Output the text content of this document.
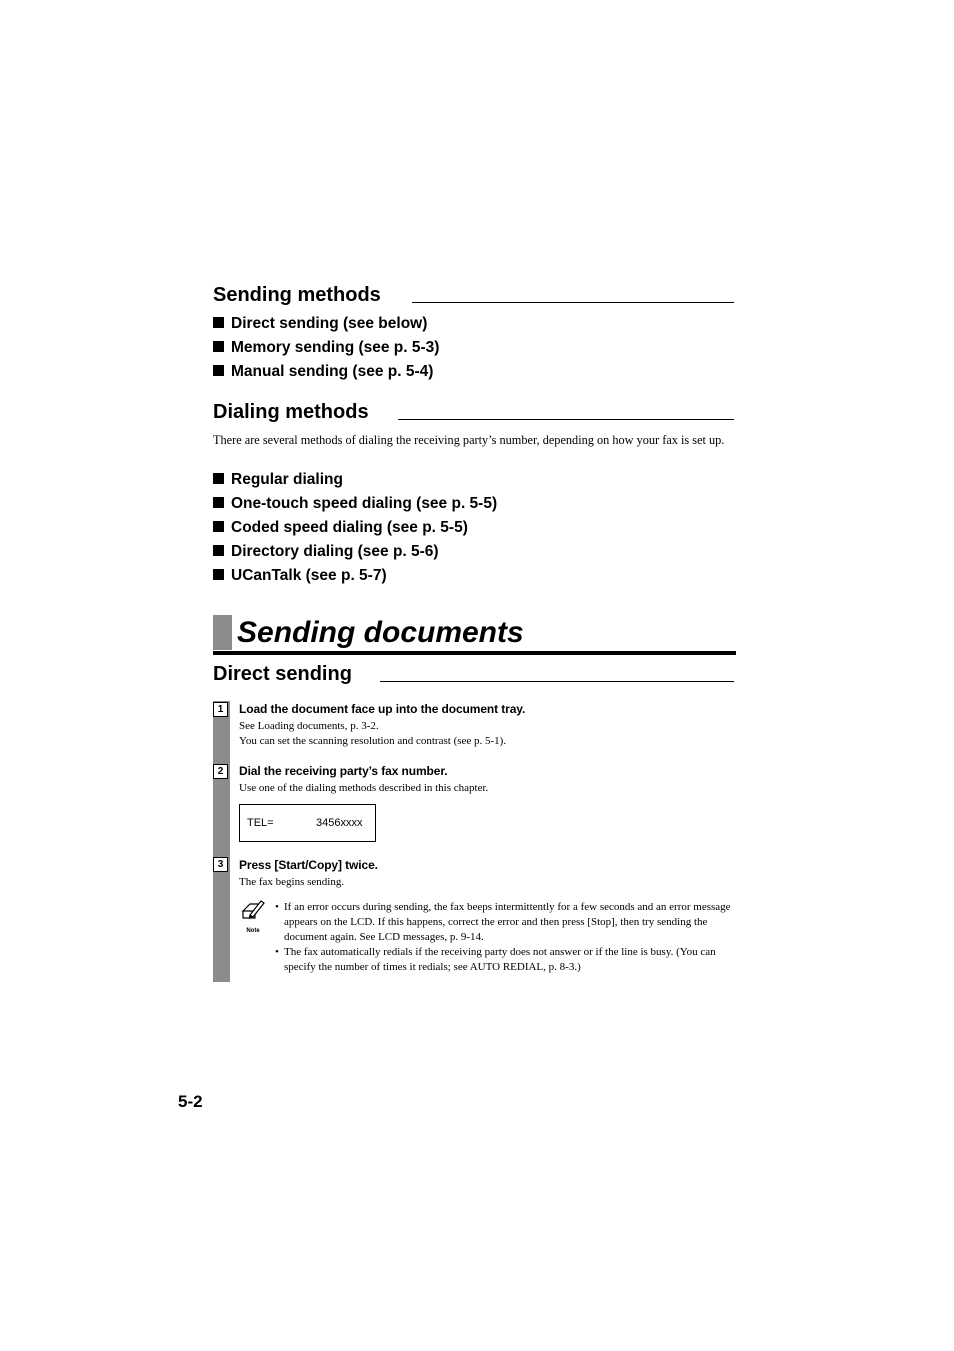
Sending methods
Direct sending (see below)
Memory sending (see p. 5-3)
Manual sending (see p. 5-4)
Dialing methods
There are several methods of dialing the receiving party’s number, depending on how your fax is set up.
Regular dialing
One-touch speed dialing (see p. 5-5)
Coded speed dialing (see p. 5-5)
Directory dialing (see p. 5-6)
UCanTalk (see p. 5-7)
Sending documents
Direct sending
1	Load the document face up into the document tray.
See Loading documents, p. 3-2.
You can set the scanning resolution and contrast (see p. 5-1).
2	Dial the receiving party’s fax number.
Use one of the dialing methods described in this chapter.
TEL=	3456xxxx
3	Press [Start/Copy] twice.
The fax begins sending.
Note
• If an error occurs during sending, the fax beeps intermittently for a few seconds and an error message appears on the LCD. If this happens, correct the error and then press [Stop], then try sending the document again. See LCD messages, p. 9-14.
• The fax automatically redials if the receiving party does not answer or if the line is busy. (You can specify the number of times it redials; see AUTO REDIAL, p. 8-3.)
5-2
